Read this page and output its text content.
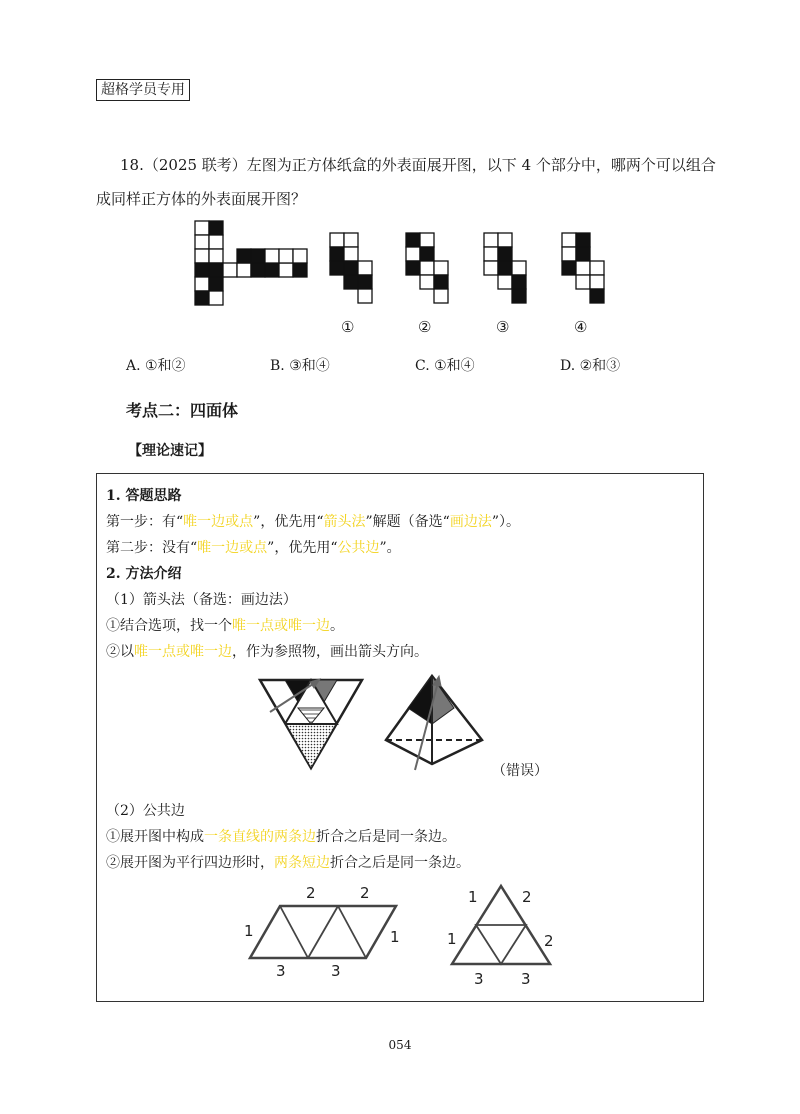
超格学员专用
18.（2025 联考）左图为正方体纸盒的外表面展开图，以下 4 个部分中，哪两个可以组合
成同样正方体的外表面展开图？
①	②	③	④
A. ①和②	B. ③和④	C. ①和④	D. ②和③
考点二：四面体
【理论速记】
1. 答题思路
第一步：有“唯一边或点”，优先用“箭头法”解题（备选“画边法”）。
第二步：没有“唯一边或点”，优先用“公共边”。
2. 方法介绍
（1）箭头法（备选：画边法）
①结合选项，找一个唯一点或唯一边。
②以唯一点或唯一边，作为参照物，画出箭头方向。
（错误）
（2）公共边
①展开图中构成一条直线的两条边折合之后是同一条边。
②展开图为平行四边形时，两条短边折合之后是同一条边。
2	2
1	1
3	3
1	2
1	2
3 3
054
